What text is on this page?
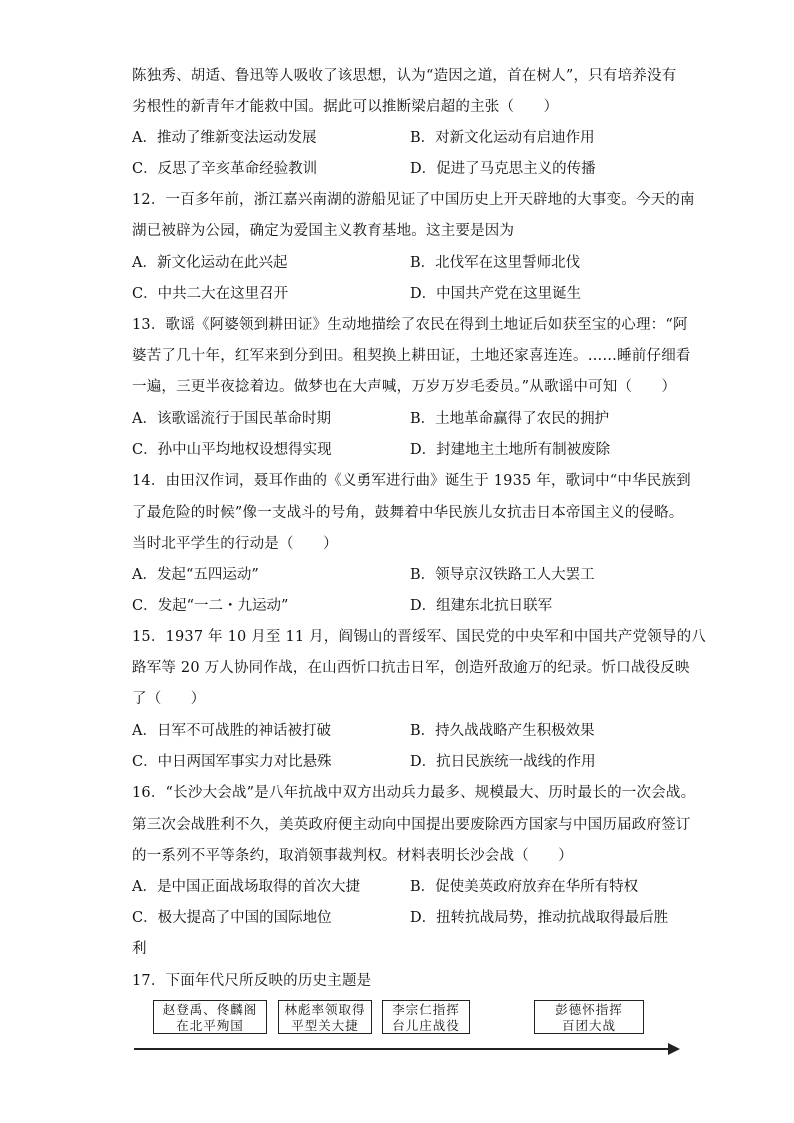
陈独秀、胡适、鲁迅等人吸收了该思想，认为“造因之道，首在树人”，只有培养没有
劣根性的新青年才能救中国。据此可以推断梁启超的主张（　　）
A．推动了维新变法运动发展	B．对新文化运动有启迪作用
C．反思了辛亥革命经验教训	D．促进了马克思主义的传播
12．一百多年前，浙江嘉兴南湖的游船见证了中国历史上开天辟地的大事变。今天的南
湖已被辟为公园，确定为爱国主义教育基地。这主要是因为
A．新文化运动在此兴起	B．北伐军在这里誓师北伐
C．中共二大在这里召开	D．中国共产党在这里诞生
13．歌谣《阿婆领到耕田证》生动地描绘了农民在得到土地证后如获至宝的心理：“阿
婆苦了几十年，红军来到分到田。租契换上耕田证，土地还家喜连连。……睡前仔细看
一遍，三更半夜捻着边。做梦也在大声喊，万岁万岁毛委员。”从歌谣中可知（　　）
A．该歌谣流行于国民革命时期	B．土地革命赢得了农民的拥护
C．孙中山平均地权设想得实现	D．封建地主土地所有制被废除
14．由田汉作词，聂耳作曲的《义勇军进行曲》诞生于 1935 年，歌词中“中华民族到
了最危险的时候”像一支战斗的号角，鼓舞着中华民族儿女抗击日本帝国主义的侵略。
当时北平学生的行动是（　　）
A．发起“五四运动”	B．领导京汉铁路工人大罢工
C．发起“一二・九运动”	D．组建东北抗日联军
15．1937 年 10 月至 11 月，阎锡山的晋绥军、国民党的中央军和中国共产党领导的八
路军等 20 万人协同作战，在山西忻口抗击日军，创造歼敌逾万的纪录。忻口战役反映
了（　　）
A．日军不可战胜的神话被打破	B．持久战战略产生积极效果
C．中日两国军事实力对比悬殊	D．抗日民族统一战线的作用
16．“长沙大会战”是八年抗战中双方出动兵力最多、规模最大、历时最长的一次会战。
第三次会战胜利不久，美英政府便主动向中国提出要废除西方国家与中国历届政府签订
的一系列不平等条约，取消领事裁判权。材料表明长沙会战（　　）
A．是中国正面战场取得的首次大捷	B．促使美英政府放弃在华所有特权
C．极大提高了中国的国际地位	D．扭转抗战局势，推动抗战取得最后胜
利
17．下面年代尺所反映的历史主题是
赵登禹、佟麟阁
在北平殉国
林彪率领取得
平型关大捷
李宗仁指挥
台儿庄战役
彭德怀指挥
百团大战
